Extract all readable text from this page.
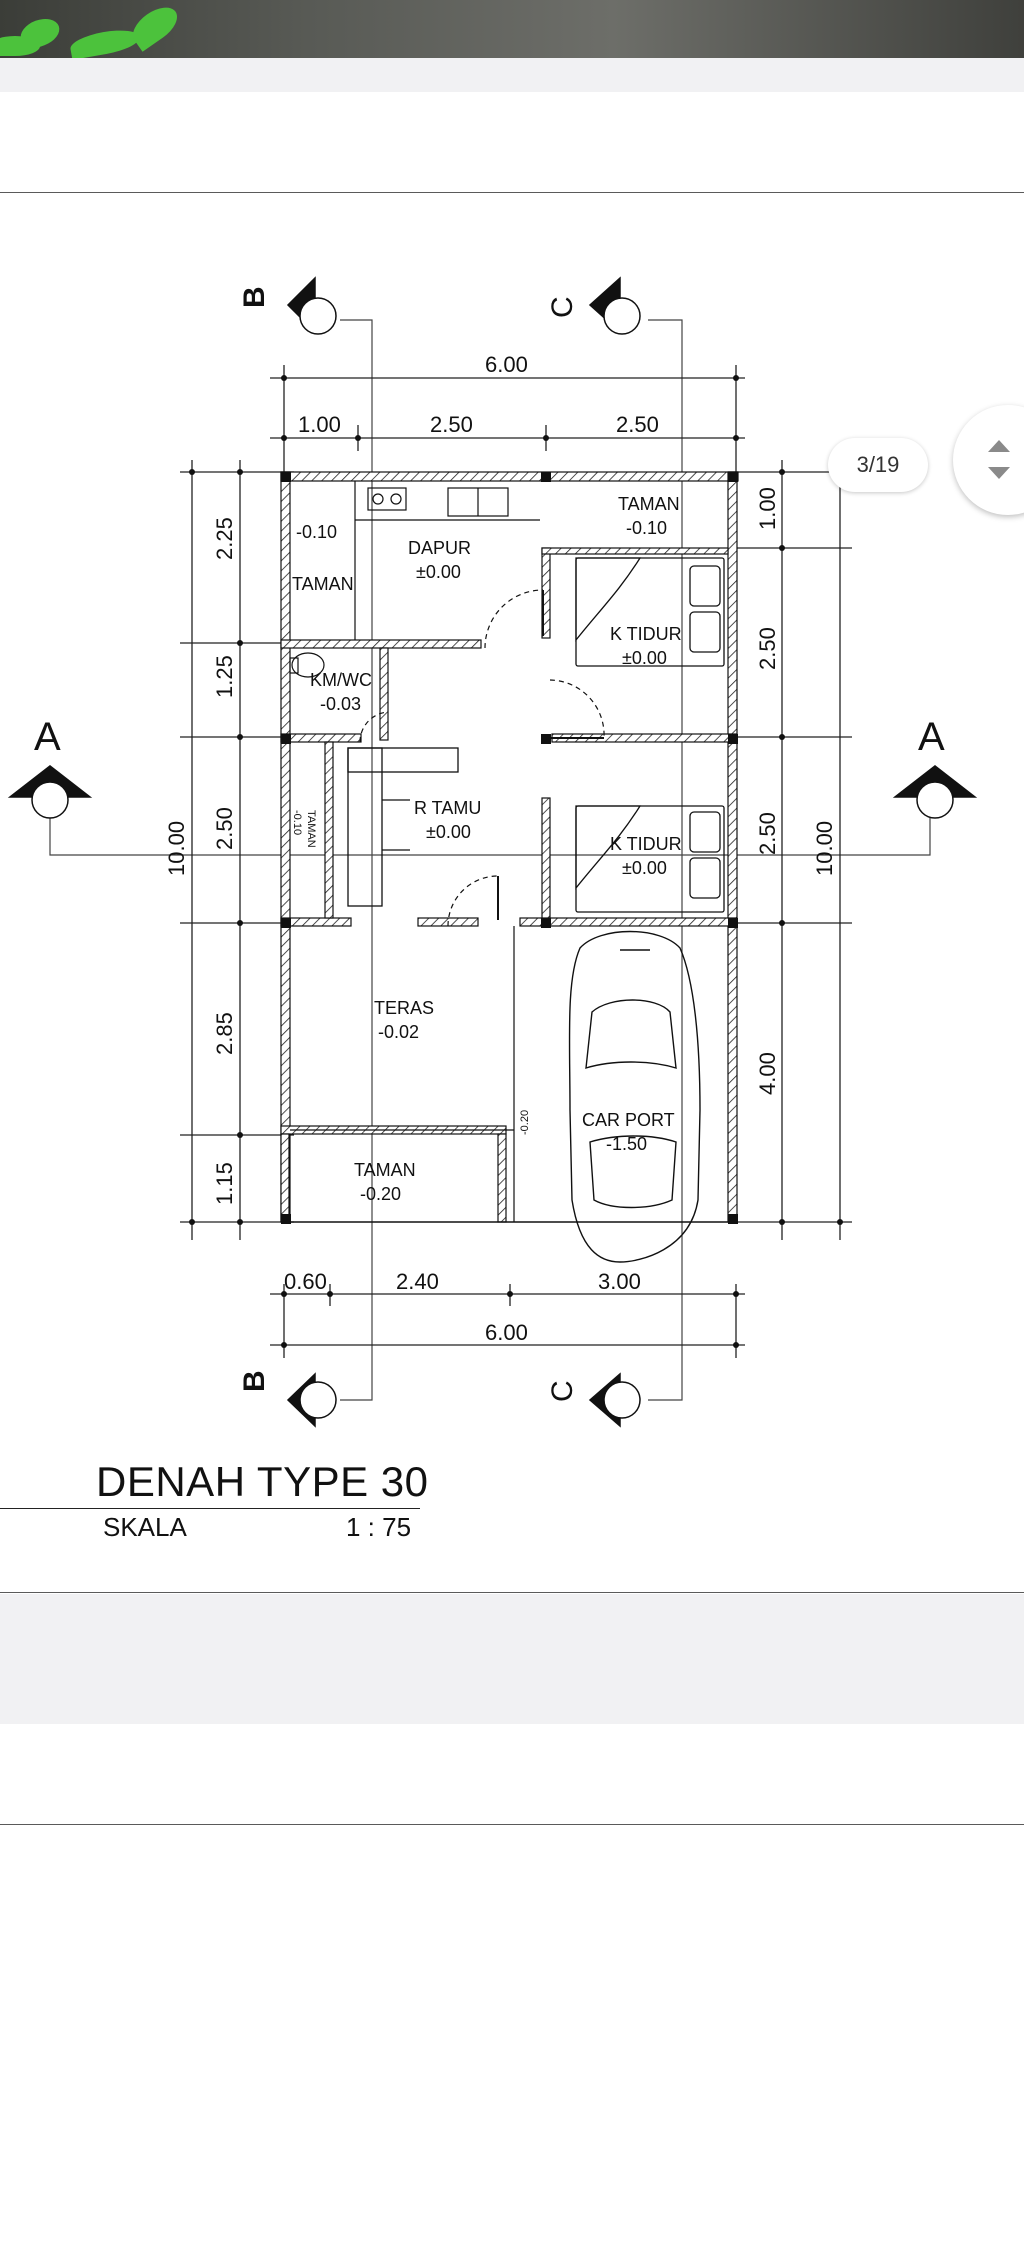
B	C
B	C
A	A
6.00
1.00	2.50	2.50
0.60	2.40	3.00
6.00
2.25
1.25
2.50
2.85
1.15
10.00
1.00
2.50
2.50
4.00
10.00
DAPUR
±0.00
TAMAN
-0.10
-0.10
TAMAN
K TIDUR
±0.00
KM/WC
-0.03
R TAMU
±0.00
K TIDUR
±0.00
TERAS
-0.02
CAR PORT
-1.50
TAMAN
-0.20
TAMAN
-0.10
-0.20
DENAH TYPE 30
SKALA	1 : 75
3/19
